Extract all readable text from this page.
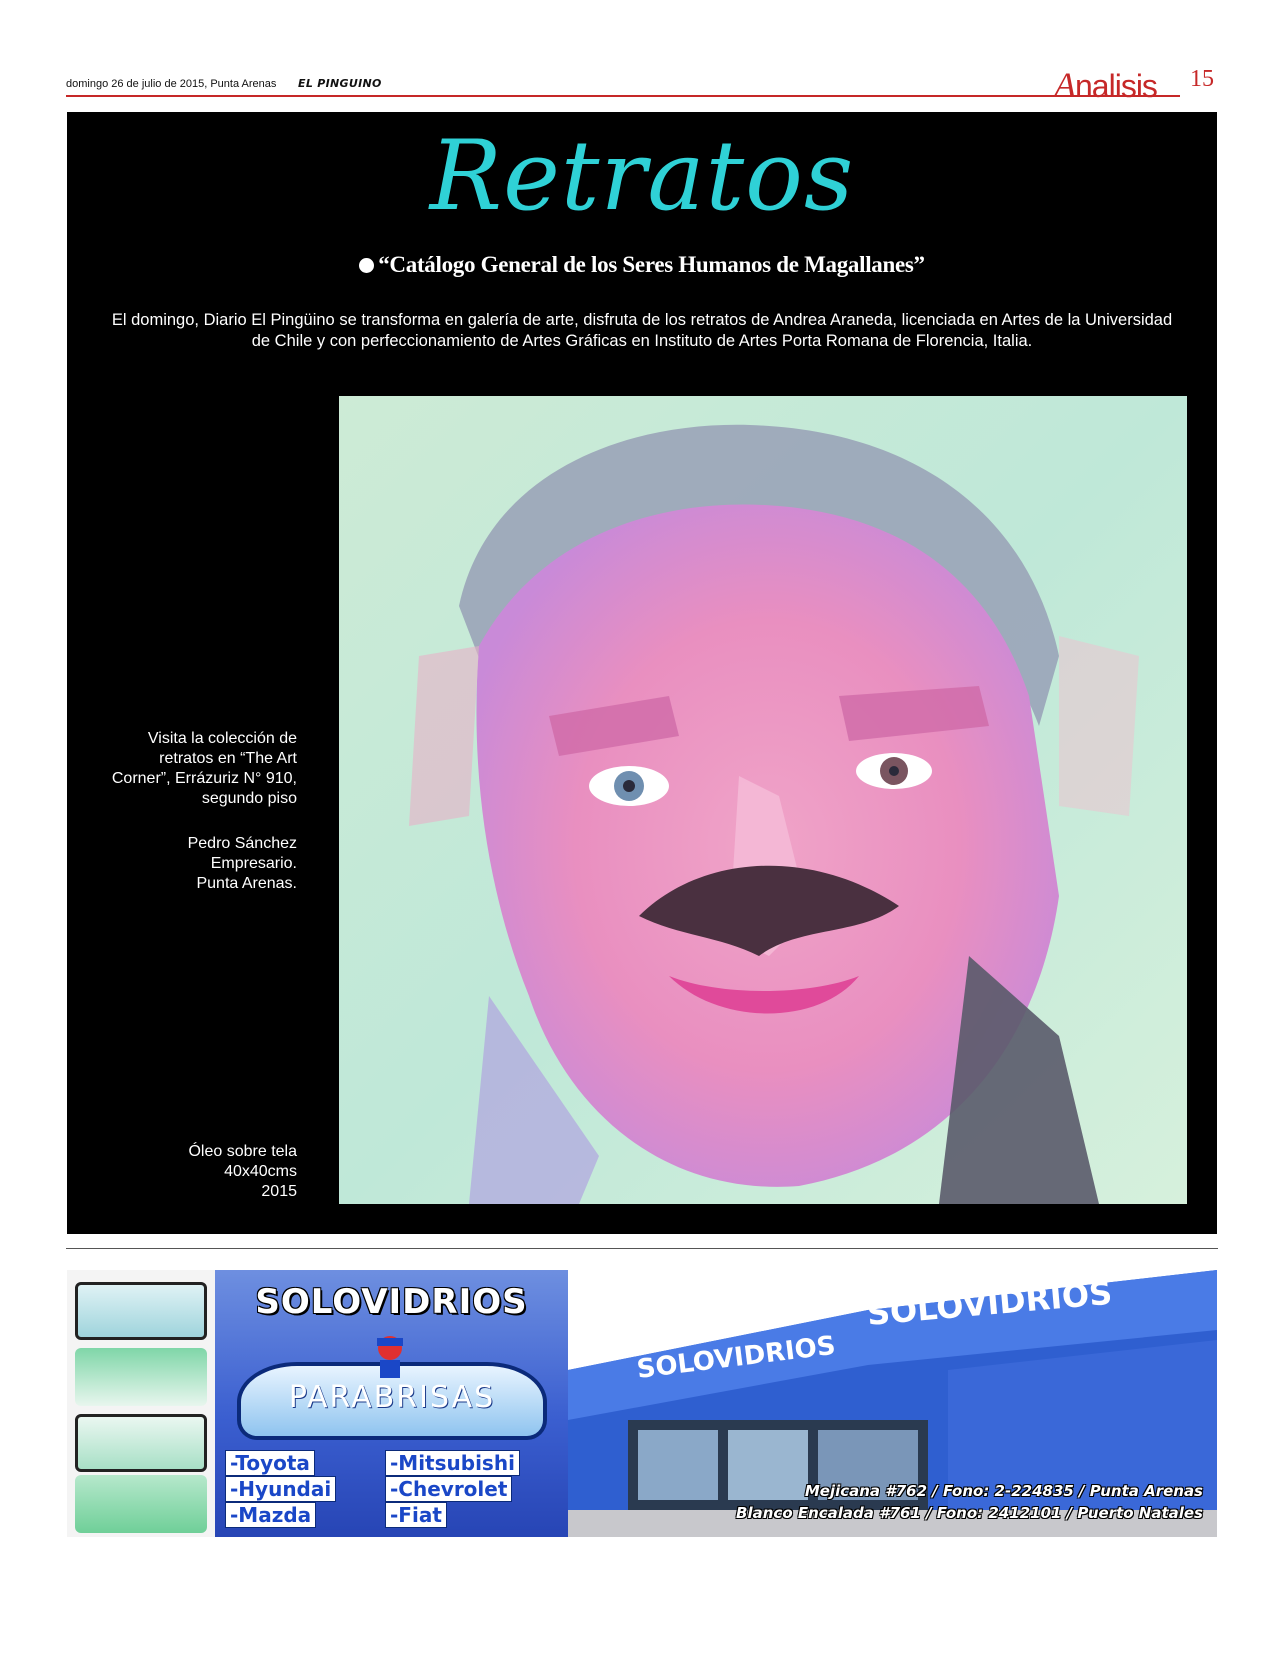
domingo 26 de julio de 2015, Punta Arenas EL PINGUINO	Analisis 15
Retratos
“Catálogo General de los Seres Humanos de Magallanes”
El domingo, Diario El Pingüino se transforma en galería de arte, disfruta de los retratos de Andrea Araneda, licenciada en Artes de la Universidad de Chile y con perfeccionamiento de Artes Gráficas en Instituto de Artes Porta Romana de Florencia, Italia.
Visita la colección de
retratos en “The Art
Corner”, Errázuriz N° 910,
segundo piso
Pedro Sánchez
Empresario.
Punta Arenas.
Óleo sobre tela
40x40cms
2015
SOLOVIDRIOS
PARABRISAS
-Toyota
-Hyundai
-Mazda
-Mitsubishi
-Chevrolet
-Fiat
SOLOVIDRIOS
SOLOVIDRIOS
Mejicana #762 / Fono: 2-224835 / Punta Arenas
Blanco Encalada #761 / Fono: 2412101 / Puerto Natales
